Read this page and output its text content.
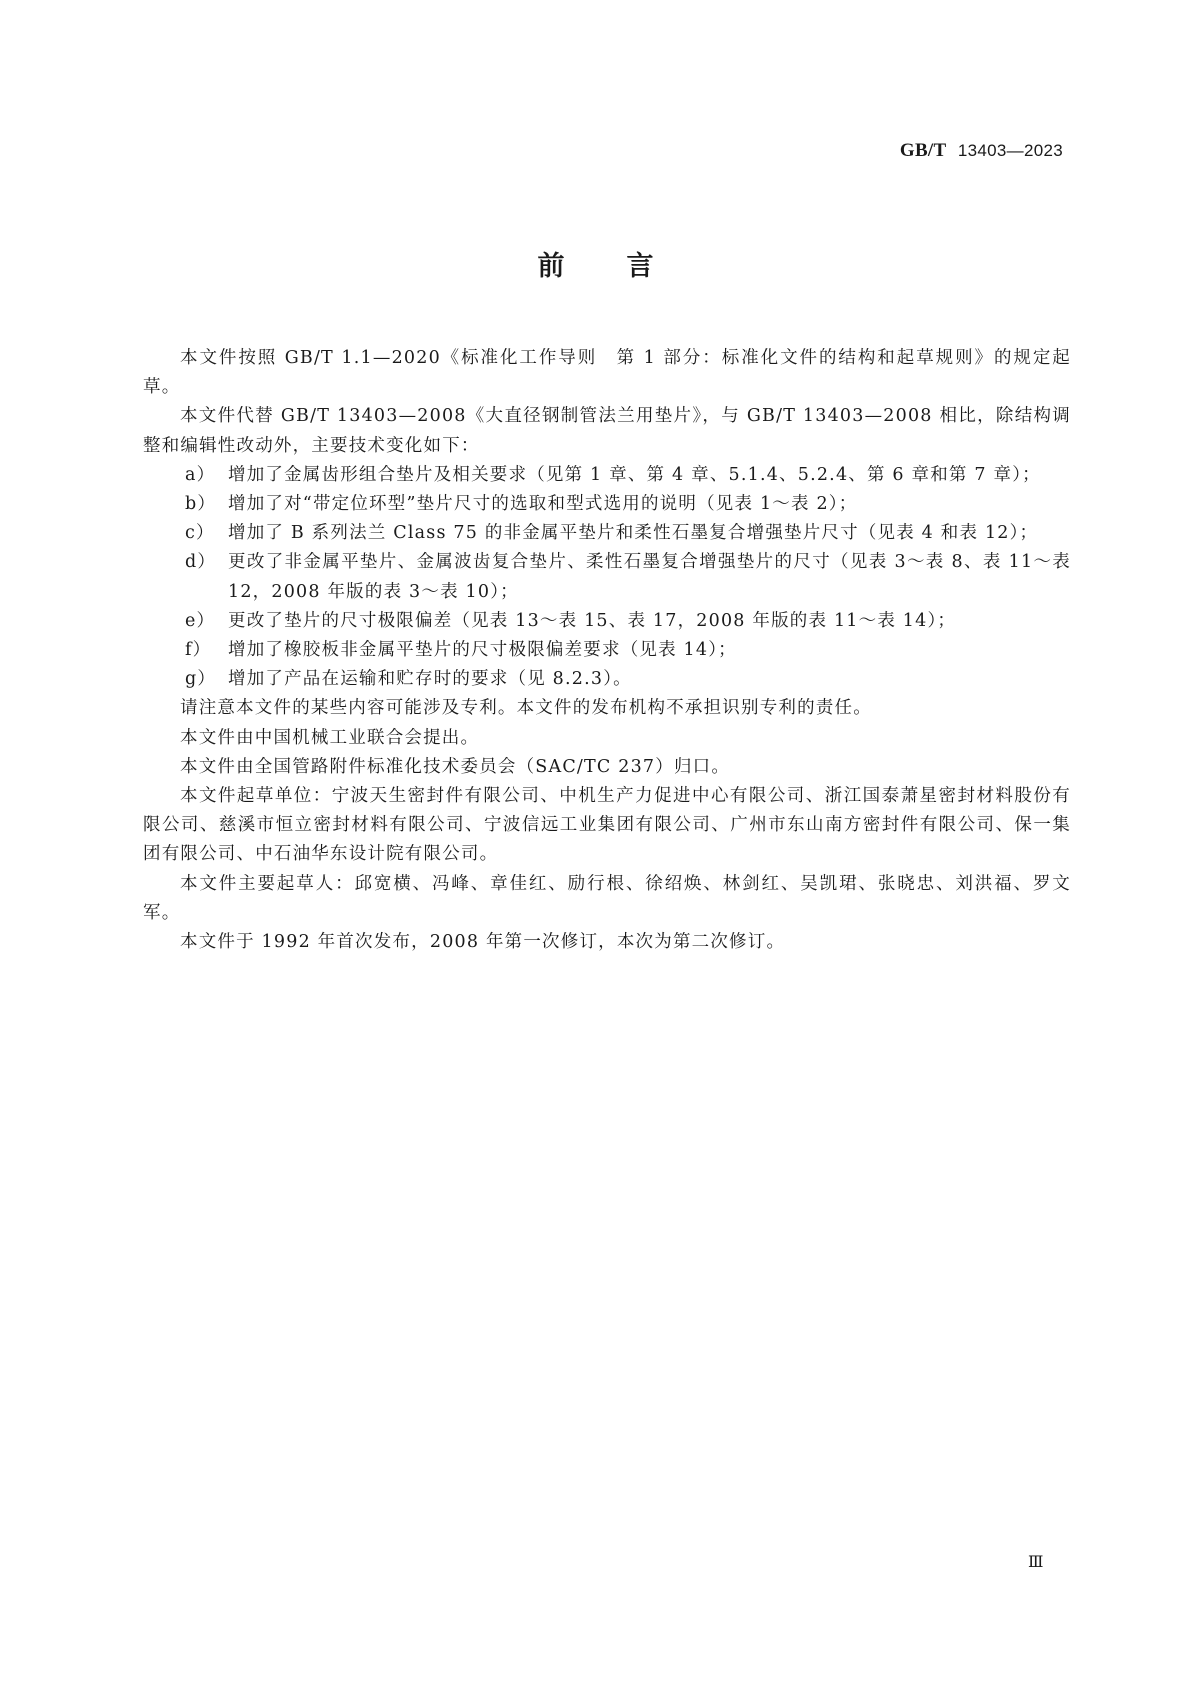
GB/T 13403—2023
前 言

本文件按照 GB/T 1.1—2020《标准化工作导则　第 1 部分：标准化文件的结构和起草规则》的规定起草。

本文件代替 GB/T 13403—2008《大直径钢制管法兰用垫片》，与 GB/T 13403—2008 相比，除结构调整和编辑性改动外，主要技术变化如下：

a） 增加了金属齿形组合垫片及相关要求（见第 1 章、第 4 章、5.1.4、5.2.4、第 6 章和第 7 章）；

b） 增加了对“带定位环型”垫片尺寸的选取和型式选用的说明（见表 1～表 2）；

c） 增加了 B 系列法兰 Class 75 的非金属平垫片和柔性石墨复合增强垫片尺寸（见表 4 和表 12）；

d） 更改了非金属平垫片、金属波齿复合垫片、柔性石墨复合增强垫片的尺寸（见表 3～表 8、表 11～表 12，2008 年版的表 3～表 10）；

e） 更改了垫片的尺寸极限偏差（见表 13～表 15、表 17，2008 年版的表 11～表 14）；

f） 增加了橡胶板非金属平垫片的尺寸极限偏差要求（见表 14）；

g） 增加了产品在运输和贮存时的要求（见 8.2.3）。

请注意本文件的某些内容可能涉及专利。本文件的发布机构不承担识别专利的责任。

本文件由中国机械工业联合会提出。

本文件由全国管路附件标准化技术委员会（SAC/TC 237）归口。

本文件起草单位：宁波天生密封件有限公司、中机生产力促进中心有限公司、浙江国泰萧星密封材料股份有限公司、慈溪市恒立密封材料有限公司、宁波信远工业集团有限公司、广州市东山南方密封件有限公司、保一集团有限公司、中石油华东设计院有限公司。

本文件主要起草人：邱宽横、冯峰、章佳红、励行根、徐绍焕、林剑红、吴凯珺、张晓忠、刘洪福、罗文军。

本文件于 1992 年首次发布，2008 年第一次修订，本次为第二次修订。

Ⅲ
